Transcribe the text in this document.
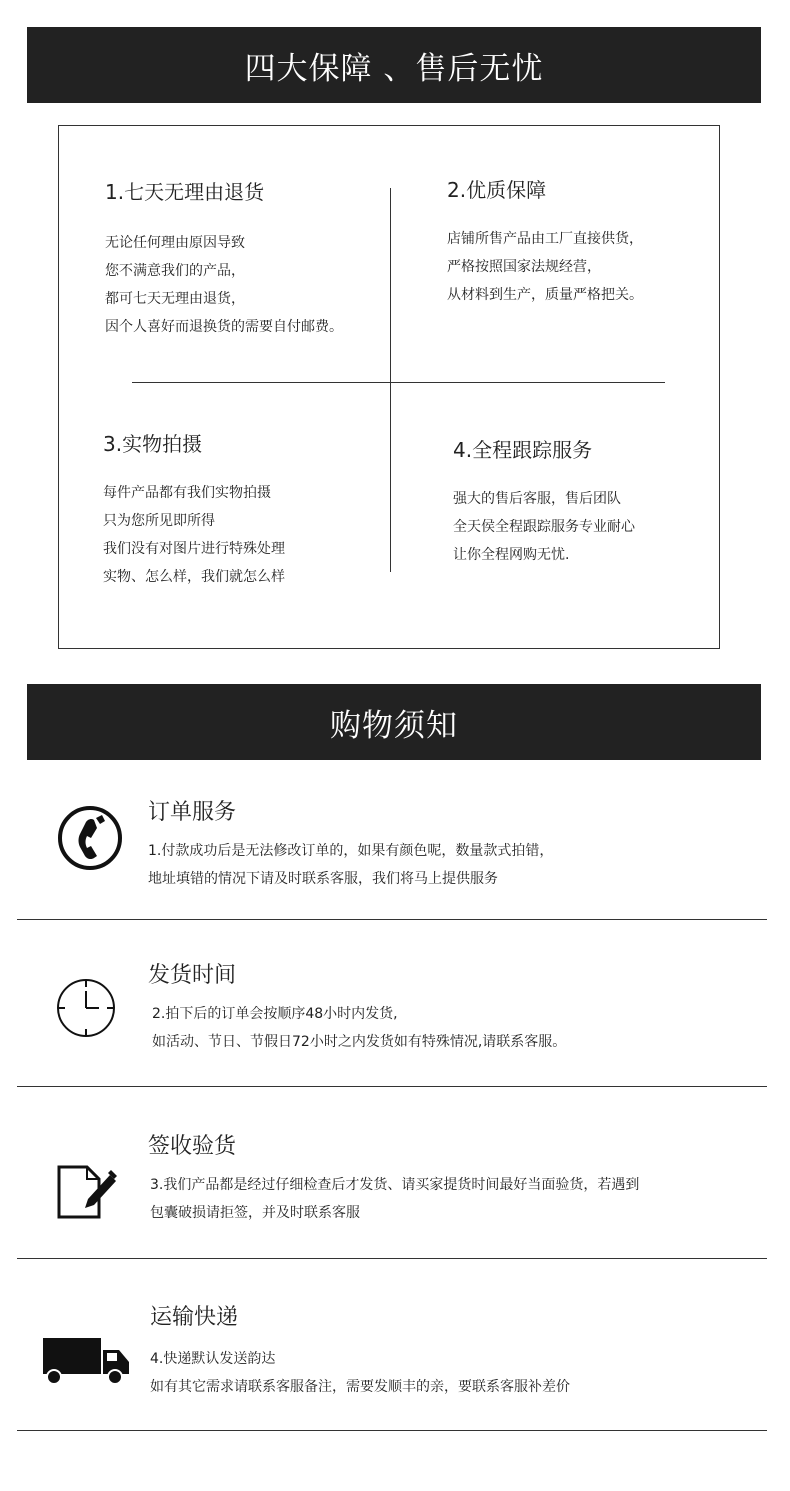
四大保障 、售后无忧
1.七天无理由退货

无论任何理由原因导致

您不满意我们的产品，

都可七天无理由退货，

因个人喜好而退换货的需要自付邮费。

2.优质保障

店铺所售产品由工厂直接供货，

严格按照国家法规经营，

从材料到生产，质量严格把关。

3.实物拍摄

每件产品都有我们实物拍摄

只为您所见即所得

我们没有对图片进行特殊处理

实物、怎么样，我们就怎么样

4.全程跟踪服务

强大的售后客服，售后团队

全天侯全程跟踪服务专业耐心

让你全程网购无忧.

购物须知
订单服务

1.付款成功后是无法修改订单的，如果有颜色呢，数量款式拍错，

地址填错的情况下请及时联系客服，我们将马上提供服务

发货时间

2.拍下后的订单会按顺序48小时内发货,

如活动、节日、节假日72小时之内发货如有特殊情况,请联系客服。

签收验货

3.我们产品都是经过仔细检查后才发货、请买家提货时间最好当面验货，若遇到

包囊破损请拒签，并及时联系客服

运输快递

4.快递默认发送韵达

如有其它需求请联系客服备注，需要发顺丰的亲，要联系客服补差价
